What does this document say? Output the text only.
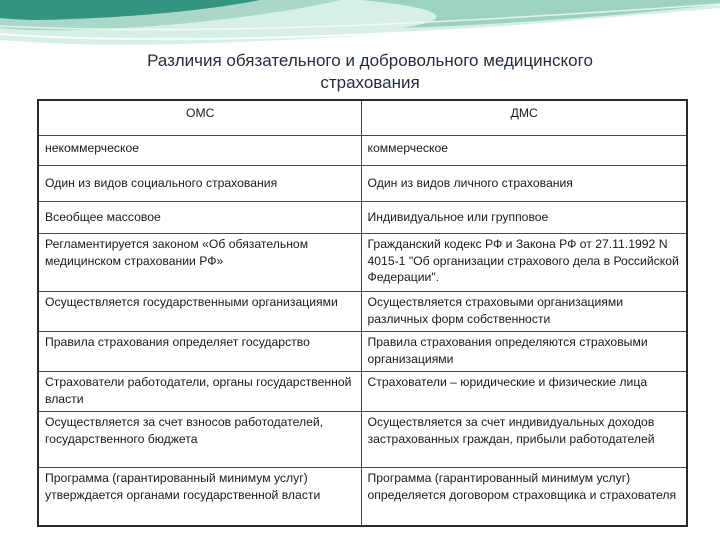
Различия обязательного и добровольного медицинского
страхования
ОМС	ДМС
некоммерческое	коммерческое
Один из видов социального страхования	Один из видов личного страхования
Всеобщее массовое	Индивидуальное или групповое
Регламентируется законом «Об обязательном медицинском страховании РФ»	Гражданский кодекс РФ и Закона РФ от 27.11.1992 N 4015-1 "Об организации страхового дела в Российской Федерации".
Осуществляется государственными организациями	Осуществляется страховыми организациями различных форм собственности
Правила страхования определяет государство	Правила страхования определяются страховыми организациями
Страхователи работодатели, органы государственной власти	Страхователи – юридические и физические лица
Осуществляется за счет взносов работодателей, государственного бюджета	Осуществляется за счет индивидуальных доходов застрахованных граждан, прибыли работодателей
Программа (гарантированный минимум услуг) утверждается органами государственной власти	Программа (гарантированный минимум услуг) определяется договором страховщика и страхователя
